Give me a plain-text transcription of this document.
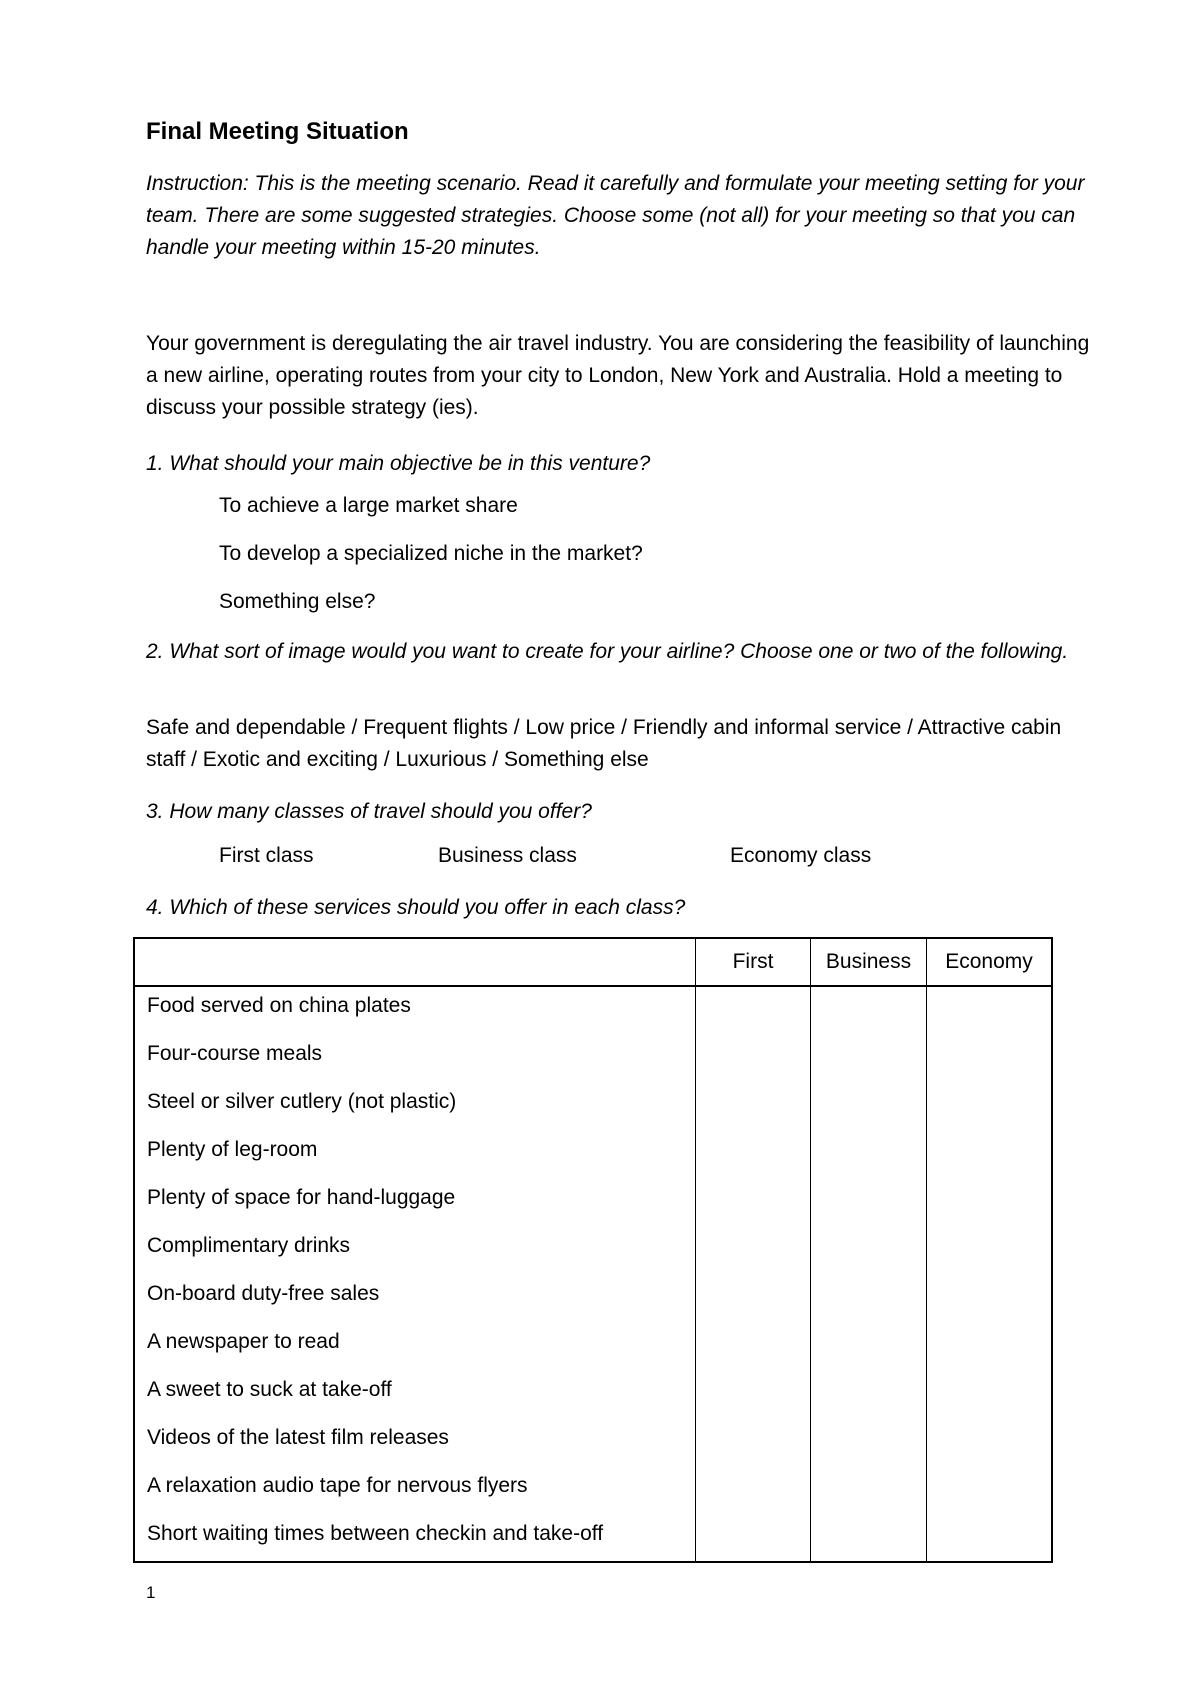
Final Meeting Situation
Instruction: This is the meeting scenario. Read it carefully and formulate your meeting setting for your team. There are some suggested strategies. Choose some (not all) for your meeting so that you can handle your meeting within 15-20 minutes.
Your government is deregulating the air travel industry. You are considering the feasibility of launching a new airline, operating routes from your city to London, New York and Australia. Hold a meeting to discuss your possible strategy (ies).
1. What should your main objective be in this venture?
To achieve a large market share
To develop a specialized niche in the market?
Something else?
2. What sort of image would you want to create for your airline? Choose one or two of the following.
Safe and dependable / Frequent flights / Low price / Friendly and informal service / Attractive cabin staff / Exotic and exciting / Luxurious / Something else
3. How many classes of travel should you offer?
First class	Business class	Economy class
4. Which of these services should you offer in each class?
First	Business	Economy
Food served on china plates
Four-course meals
Steel or silver cutlery (not plastic)
Plenty of leg-room
Plenty of space for hand-luggage
Complimentary drinks
On-board duty-free sales
A newspaper to read
A sweet to suck at take-off
Videos of the latest film releases
A relaxation audio tape for nervous flyers
Short waiting times between checkin and take-off
1
